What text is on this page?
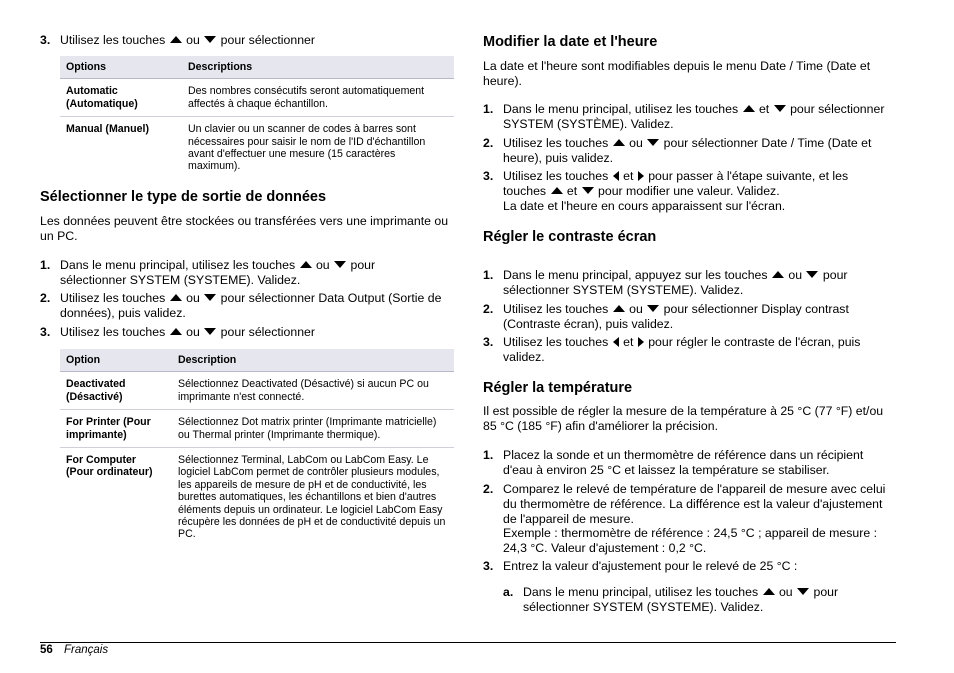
3. Utilisez les touches ou pour sélectionner
Options	Descriptions
Automatic (Automatique)	Des nombres consécutifs seront automatiquement affectés à chaque échantillon.
Manual (Manuel)	Un clavier ou un scanner de codes à barres sont nécessaires pour saisir le nom de l'ID d'échantillon avant d'effectuer une mesure (15 caractères maximum).
Sélectionner le type de sortie de données

Les données peuvent être stockées ou transférées vers une imprimante ou un PC.

1. Dans le menu principal, utilisez les touches ou pour sélectionner SYSTEM (SYSTEME). Validez.
2. Utilisez les touches ou pour sélectionner Data Output (Sortie de données), puis validez.
3. Utilisez les touches ou pour sélectionner
Option	Description
Deactivated (Désactivé)	Sélectionnez Deactivated (Désactivé) si aucun PC ou imprimante n'est connecté.
For Printer (Pour imprimante)	Sélectionnez Dot matrix printer (Imprimante matricielle) ou Thermal printer (Imprimante thermique).
For Computer (Pour ordinateur)	Sélectionnez Terminal, LabCom ou LabCom Easy. Le logiciel LabCom permet de contrôler plusieurs modules, les appareils de mesure de pH et de conductivité, les burettes automatiques, les échantillons et bien d'autres éléments depuis un ordinateur. Le logiciel LabCom Easy récupère les données de pH et de conductivité depuis un PC.
Modifier la date et l'heure

La date et l'heure sont modifiables depuis le menu Date / Time (Date et heure).

1. Dans le menu principal, utilisez les touches et pour sélectionner SYSTEM (SYSTÈME). Validez.
2. Utilisez les touches ou pour sélectionner Date / Time (Date et heure), puis validez.
3. Utilisez les touches et pour passer à l'étape suivante, et les
touches et pour modifier une valeur. Validez.
La date et l'heure en cours apparaissent sur l'écran.
Régler le contraste écran
1. Dans le menu principal, appuyez sur les touches ou pour sélectionner SYSTEM (SYSTEME). Validez.
2. Utilisez les touches ou pour sélectionner Display contrast (Contraste écran), puis validez.
3. Utilisez les touches et pour régler le contraste de l'écran, puis validez.
Régler la température

Il est possible de régler la mesure de la température à 25 °C (77 °F) et/ou 85 °C (185 °F) afin d'améliorer la précision.

1. Placez la sonde et un thermomètre de référence dans un récipient d'eau à environ 25 °C et laissez la température se stabiliser.
2. Comparez le relevé de température de l'appareil de mesure avec celui du thermomètre de référence. La différence est la valeur d'ajustement de l'appareil de mesure.
Exemple : thermomètre de référence : 24,5 °C ; appareil de mesure : 24,3 °C. Valeur d'ajustement : 0,2 °C.
3. Entrez la valeur d'ajustement pour le relevé de 25 °C :
a. Dans le menu principal, utilisez les touches ou pour sélectionner SYSTEM (SYSTEME). Validez.
56 Français
